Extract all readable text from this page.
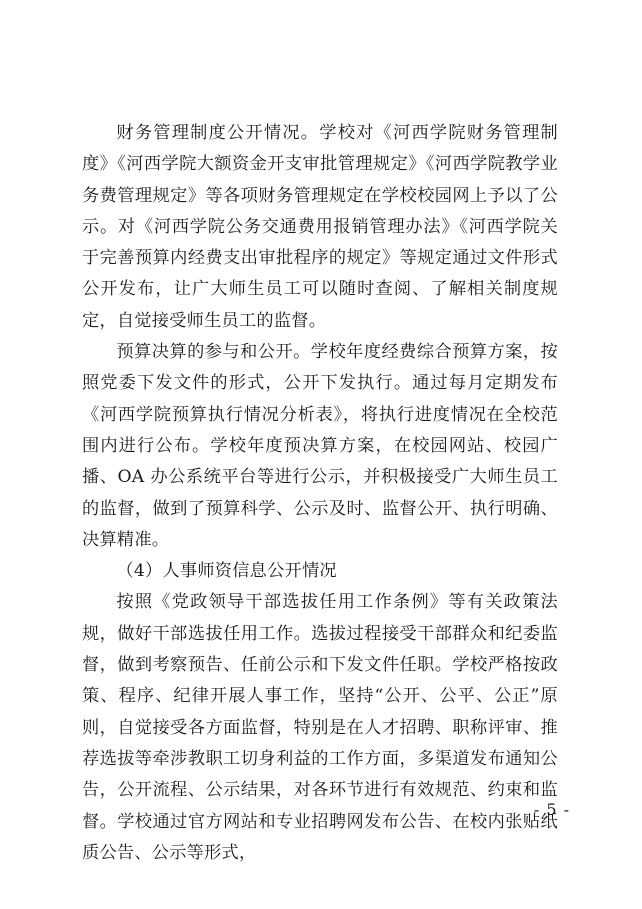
财务管理制度公开情况。学校对《河西学院财务管理制度》《河西学院大额资金开支审批管理规定》《河西学院教学业务费管理规定》等各项财务管理规定在学校校园网上予以了公示。对《河西学院公务交通费用报销管理办法》《河西学院关于完善预算内经费支出审批程序的规定》等规定通过文件形式公开发布，让广大师生员工可以随时查阅、了解相关制度规定，自觉接受师生员工的监督。

预算决算的参与和公开。学校年度经费综合预算方案，按照党委下发文件的形式，公开下发执行。通过每月定期发布《河西学院预算执行情况分析表》，将执行进度情况在全校范围内进行公布。学校年度预决算方案，在校园网站、校园广播、OA 办公系统平台等进行公示，并积极接受广大师生员工的监督，做到了预算科学、公示及时、监督公开、执行明确、决算精准。

（4）人事师资信息公开情况

按照《党政领导干部选拔任用工作条例》等有关政策法规，做好干部选拔任用工作。选拔过程接受干部群众和纪委监督，做到考察预告、任前公示和下发文件任职。学校严格按政策、程序、纪律开展人事工作，坚持“公开、公平、公正”原则，自觉接受各方面监督，特别是在人才招聘、职称评审、推荐选拔等牵涉教职工切身利益的工作方面，多渠道发布通知公告，公开流程、公示结果，对各环节进行有效规范、约束和监督。学校通过官方网站和专业招聘网发布公告、在校内张贴纸质公告、公示等形式，

- 5 -
